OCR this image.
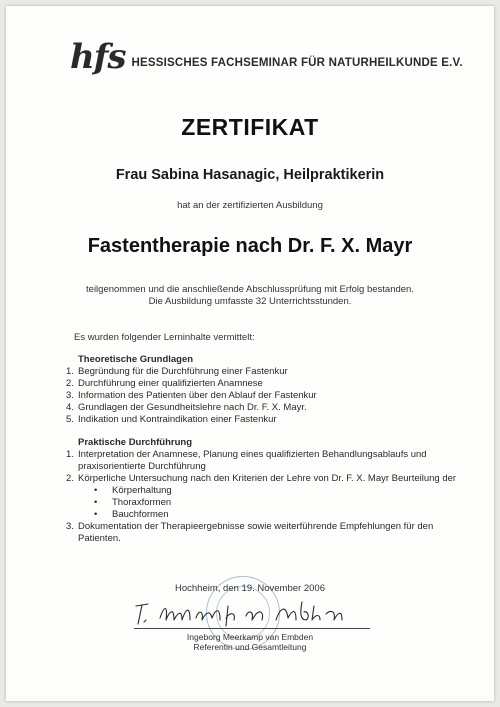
hfs HESSISCHES FACHSEMINAR FÜR NATURHEILKUNDE E.V.
ZERTIFIKAT
Frau Sabina Hasanagic, Heilpraktikerin
hat an der zertifizierten Ausbildung
Fastentherapie nach Dr. F. X. Mayr
teilgenommen und die anschließende Abschlussprüfung mit Erfolg bestanden.
Die Ausbildung umfasste 32 Unterrichtsstunden.
Es wurden folgender Lerninhalte vermittelt:
Theoretische Grundlagen
1. Begründung für die Durchführung einer Fastenkur
2. Durchführung einer qualifizierten Anamnese
3. Information des Patienten über den Ablauf der Fastenkur
4. Grundlagen der Gesundheitslehre nach Dr. F. X. Mayr.
5. Indikation und Kontraindikation einer Fastenkur
Praktische Durchführung
1. Interpretation der Anamnese, Planung eines qualifizierten Behandlungsablaufs und praxisorientierte Durchführung
2. Körperliche Untersuchung nach den Kriterien der Lehre von Dr. F. X. Mayr Beurteilung der
• Körperhaltung
• Thoraxformen
• Bauchformen
3. Dokumentation der Therapieergebnisse sowie weiterführende Empfehlungen für den Patienten.
Hochheim, den 19. November 2006
Ingeborg Meerkamp van Embden
Referentin und Gesamtleitung
